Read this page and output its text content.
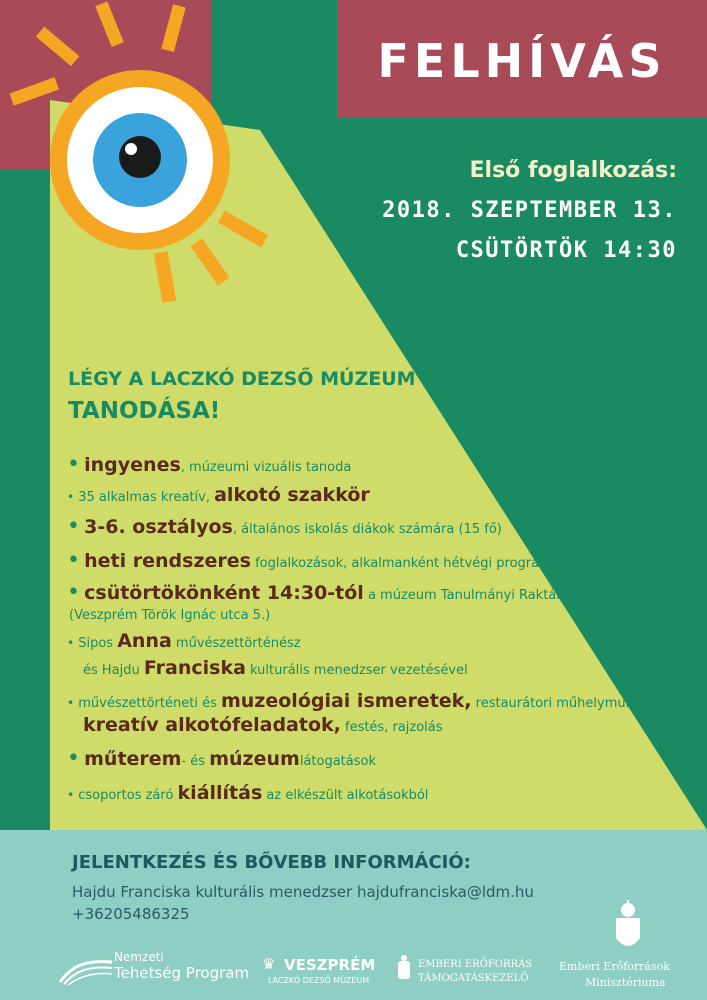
FELHÍVÁS
Első foglalkozás:
2018. SZEPTEMBER 13.
CSÜTÖRTÖK 14:30
LÉGY A LACZKÓ DEZSŐ MÚZEUM
TANODÁSA!
• ingyenes, múzeumi vizuális tanoda
• 35 alkalmas kreatív, alkotó szakkör
• 3-6. osztályos, általános iskolás diákok számára (15 fő)
• heti rendszeres foglalkozások, alkalmanként hétvégi programok
• csütörtökönként 14:30-tól a múzeum Tanulmányi Raktárában
(Veszprém Török Ignác utca 5.)
• Sipos Anna művészettörténész
és Hajdu Franciska kulturális menedzser vezetésével
• művészettörténeti és muzeológiai ismeretek, restaurátori műhelymunka,
kreatív alkotófeladatok, festés, rajzolás
• műterem- és múzeumlátogatások
• csoportos záró kiállítás az elkészült alkotásokból
JELENTKEZÉS ÉS BŐVEBB INFORMÁCIÓ:
Hajdu Franciska kulturális menedzser hajdufranciska@ldm.hu
+36205486325
Nemzeti
Tehetség Program ♛ VESZPRÉM
LACZKÓ DEZSŐ MÚZEUM
EMBERI ERŐFORRÁS
TÁMOGATÁSKEZELŐ
Emberi Erőforrások
Minisztériuma
